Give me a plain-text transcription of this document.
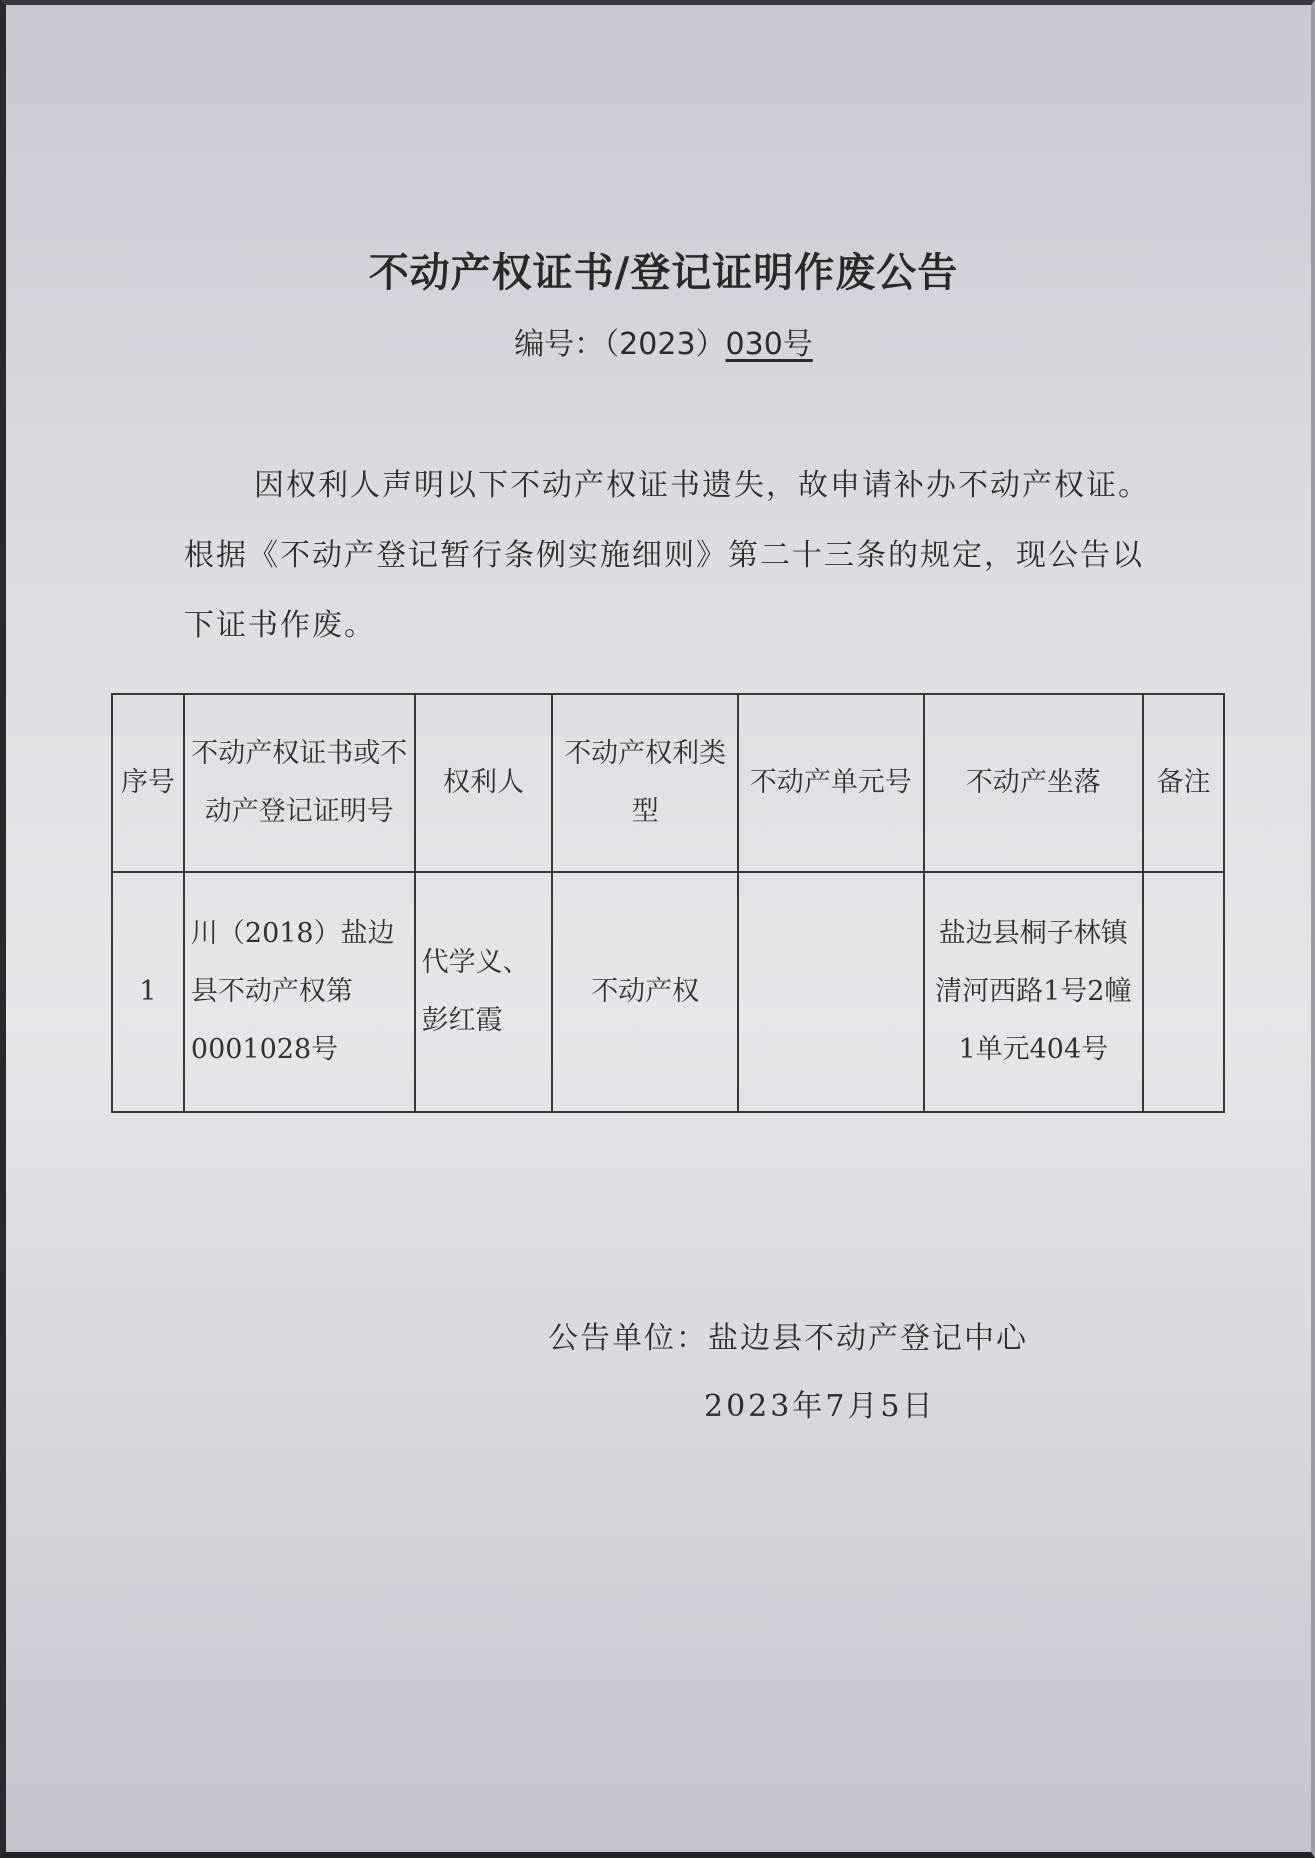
不动产权证书/登记证明作废公告
编号：（2023）030号
因权利人声明以下不动产权证书遗失，故申请补办不动产权证。根据《不动产登记暂行条例实施细则》第二十三条的规定，现公告以下证书作废。
序号	不动产权证书或不动产登记证明号	权利人	不动产权利类　型	不动产单元号	不动产坐落	备注
1	川（2018）盐边县不动产权第0001028号	代学义、彭红霞	不动产权		盐边县桐子林镇清河西路1号2幢1单元404号	
公告单位：盐边县不动产登记中心
2023年7月5日
